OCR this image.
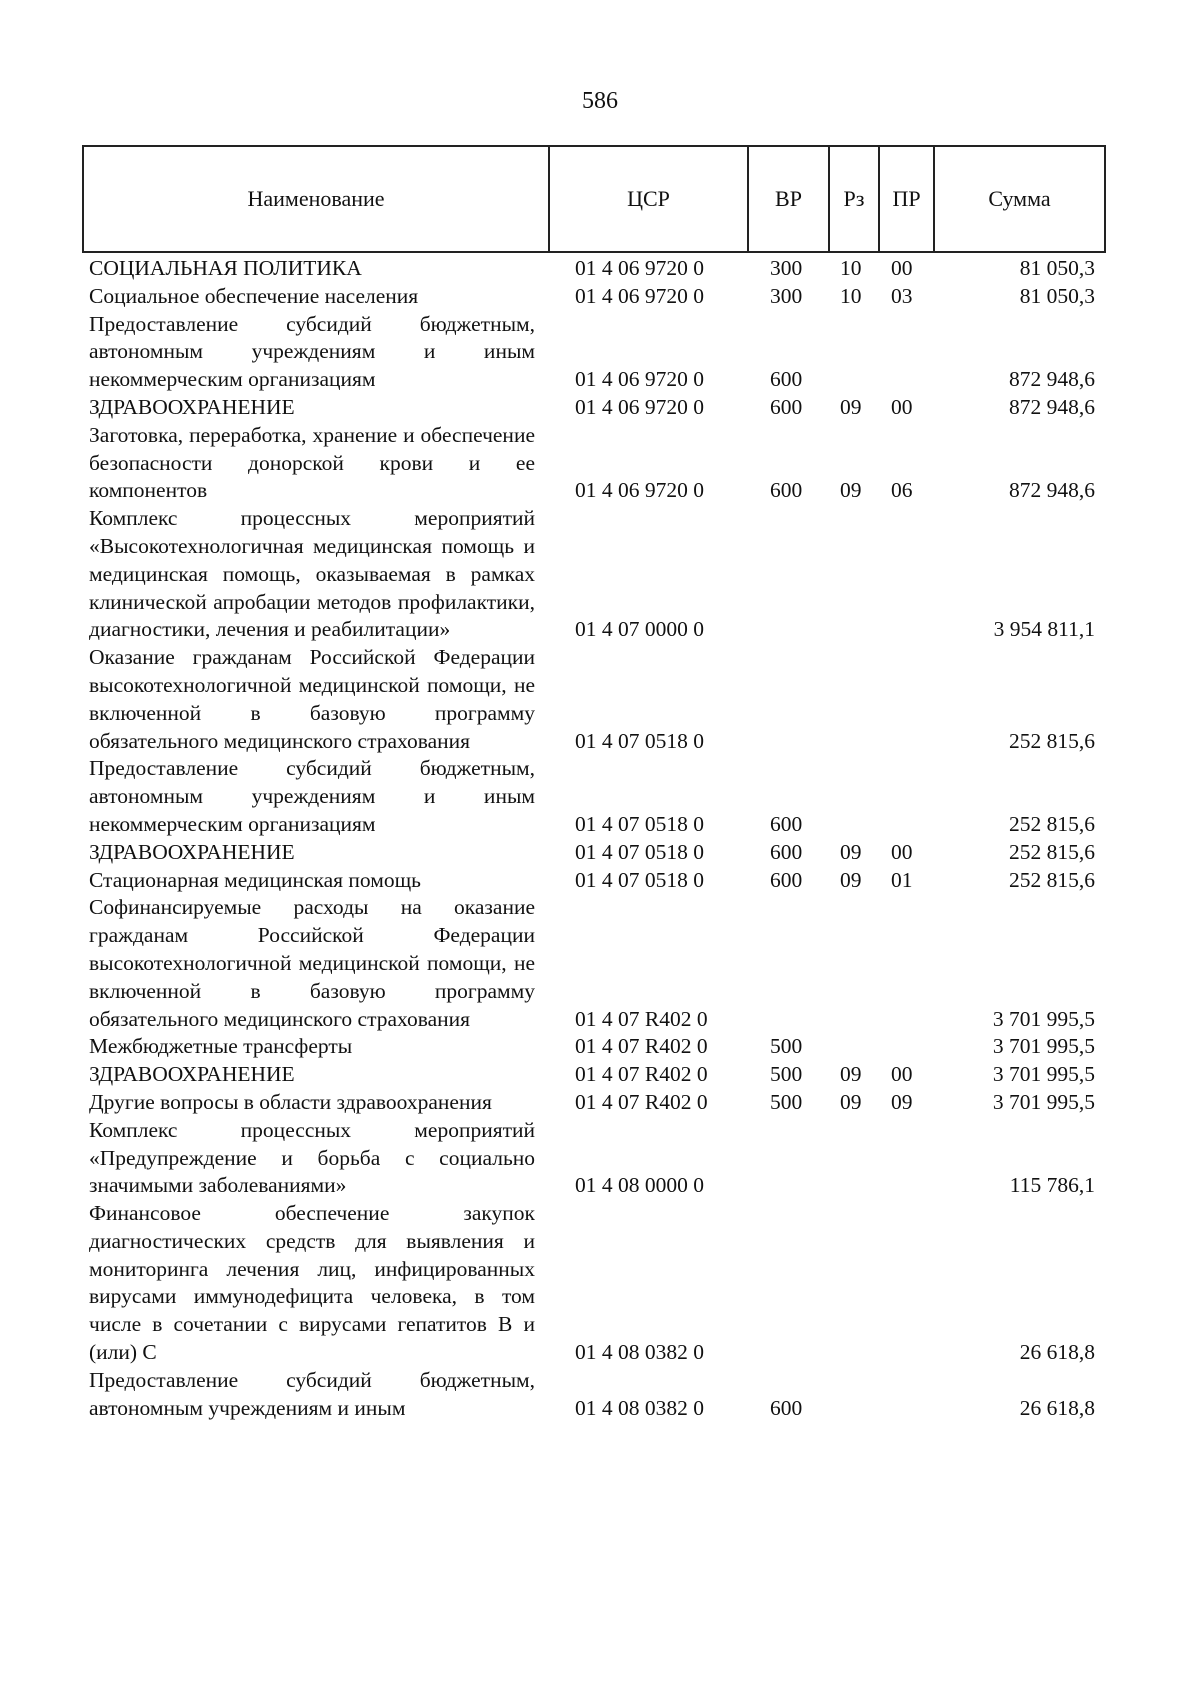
586
Наименование	ЦСР	ВР	Рз	ПР	Сумма
СОЦИАЛЬНАЯ ПОЛИТИКА	01 4 06 9720 0	300	10	00	81 050,3
Социальное обеспечение населения	01 4 06 9720 0	300	10	03	81 050,3
Предоставление субсидий бюджетным, автономным учреждениям и иным некоммерческим организациям	01 4 06 9720 0	600			872 948,6
ЗДРАВООХРАНЕНИЕ	01 4 06 9720 0	600	09	00	872 948,6
Заготовка, переработка, хранение и обеспечение безопасности донорской крови и ее компонентов	01 4 06 9720 0	600	09	06	872 948,6
Комплекс процессных мероприятий «Высокотехнологичная медицинская помощь и медицинская помощь, оказываемая в рамках клинической апробации методов профилактики, диагностики, лечения и реабилитации»	01 4 07 0000 0				3 954 811,1
Оказание гражданам Российской Федерации высокотехнологичной медицинской помощи, не включенной в базовую программу обязательного медицинского страхования	01 4 07 0518 0				252 815,6
Предоставление субсидий бюджетным, автономным учреждениям и иным некоммерческим организациям	01 4 07 0518 0	600			252 815,6
ЗДРАВООХРАНЕНИЕ	01 4 07 0518 0	600	09	00	252 815,6
Стационарная медицинская помощь	01 4 07 0518 0	600	09	01	252 815,6
Софинансируемые расходы на оказание гражданам Российской Федерации высокотехнологичной медицинской помощи, не включенной в базовую программу обязательного медицинского страхования	01 4 07 R402 0				3 701 995,5
Межбюджетные трансферты	01 4 07 R402 0	500			3 701 995,5
ЗДРАВООХРАНЕНИЕ	01 4 07 R402 0	500	09	00	3 701 995,5
Другие вопросы в области здравоохранения	01 4 07 R402 0	500	09	09	3 701 995,5
Комплекс процессных мероприятий «Предупреждение и борьба с социально значимыми заболеваниями»	01 4 08 0000 0				115 786,1
Финансовое обеспечение закупок диагностических средств для выявления и мониторинга лечения лиц, инфицированных вирусами иммунодефицита человека, в том числе в сочетании с вирусами гепатитов B и (или) C	01 4 08 0382 0				26 618,8
Предоставление субсидий бюджетным, автономным учреждениям и иным	01 4 08 0382 0	600			26 618,8
